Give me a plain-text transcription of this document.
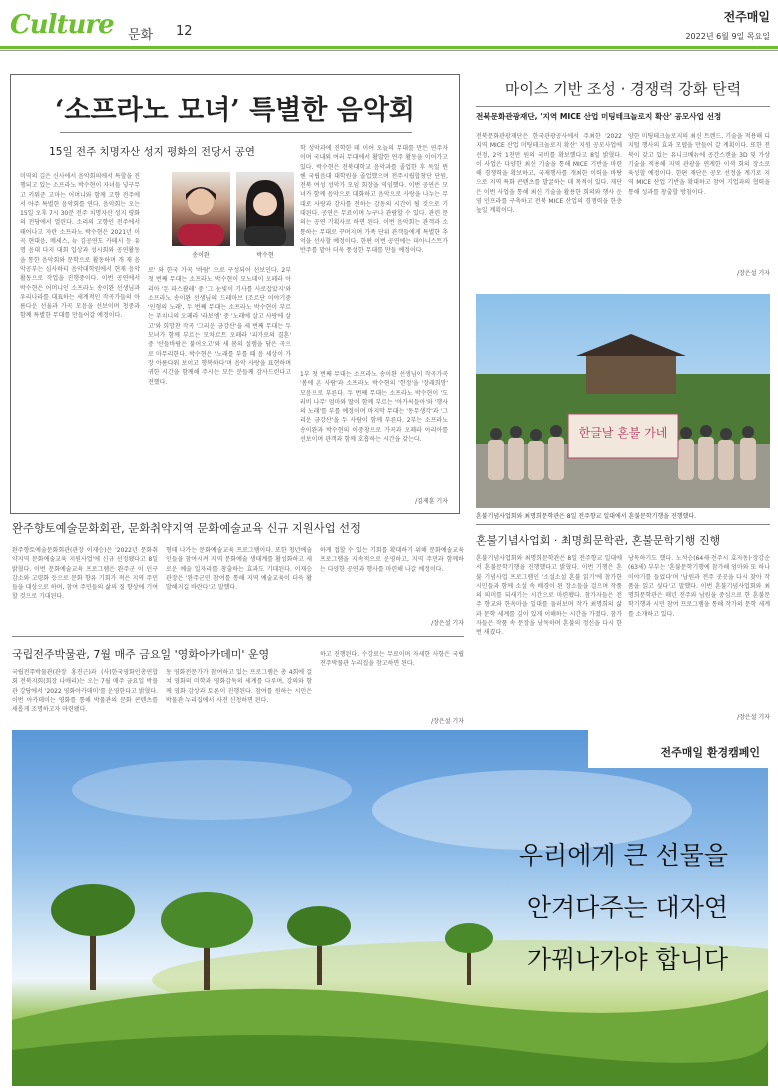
Culture 문화 12
전주매일
2022년 6월 9일 목요일
‘소프라노 모녀’ 특별한 음악회
15일 전주 치명자산 성지 평화의 전당서 공연
미역의 깊은 신사에서 음악회의에서 특할을 진행되고 있는 소프라노 박수현이 자녀들 넣구무고 키워준 고마는 어머니와 함께 고향 전주에서 아주 특별한 음악회를 연다. 음악회는 오는 15일 오후 7시 30분 전주 치명자산 성지 평화의 전당에서 열린다. 소리의 고향인 전주에서 태어나고 자란 소프라노 박수현은 2021년 이곡 현대음, 메세스, 뉴 김공연도 카테시 등 유명 음대 다지 대회 입상과 성시회와 공연활동을 통한 음악회와 문학으로 활동하며 개 재 음악공부는 심사하티 음악대학원에서 현재 음악활동으로 작업을 진행중이다. 이번 공연에서 박수현은 어머니인 소프라노 송이완 선생님과 우리나라를 대표하는 세계적인 작곡가들의 아름다운 선율과 가곡 모음을 선보이며 청중과 함께 특별한 무대를 만들어갈 예정이다.
송이완	박수현
로' 와 한국 가곡 '바람' 으로 구성되어 선보인다. 2부 첫 번째 무대는 소프라노 박수현이 모노데이 오페라 아리아 '돈 파스콸레' 중 '그 눈빛이 기사를 사로잡았지'와 소프라노 송이완 선생님의 드레마브 (조르단 이야기중 '인형의 노래', 두 번째 무대는 소프라노 박수현이 부르는 푸치니의 오페라 '라보엠' 중 '노래에 살고 사랑에 살고'와 희망찬 작곡 '그리운 금강산'을 세 번째 무대는 두 모녀가 함께 부르는 모차르트 오페라 '피가로의 결혼' 중 '산들바람은 불어오고'와 새 봄의 설렘을 담은 곡으로 마무리한다. 박수현은 '노래를 부를 때 음 세상이 가장 아름다워 보이고 행복하다'며 음악 사랑을 표현하며 귀한 시간을 함께해 주시는 모든 분들께 감사드린다고 전했다.
학 성악과에 진학한 데 이어 오늘의 무대를 만든 연주자이며 국내외 여러 무대에서 활발한 연주 활동을 이어가고 있다. 박수현은 전북대학교 음악과를 졸업한 후 독일 뮌헨 국립음대 대학원을 졸업했으며 전주시립합창단 단원, 전북 여성 성악가 모임 회장을 역임했다. 이번 공연은 모녀가 함께 음악으로 대화하고 음악으로 사랑을 나누는 무대로 사랑과 감사를 전하는 감동의 시간이 될 것으로 기대된다. 공연은 무료이며 누구나 관람할 수 있다. 관련 문의는 공연 기획사로 하면 된다. 이번 음악회는 관객과 소통하는 무대로 꾸며지며 가족 단위 관객들에게 특별한 추억을 선사할 예정이다. 한편 이번 공연에는 피아니스트가 반주를 맡아 더욱 풍성한 무대를 만들 예정이다.
1부 첫 번째 무대는 소프라노 송이완 선생님이 작곡가곡 '봄에 온 사람'과 소프라노 박수현의 '헌정'을 '장래희망' 모음으로 부른다. 두 번째 무대는 소프라노 박수현이 '도러비 나무' 엄마와 딸이 함께 부르는 '아가씨들아'와 '행사의 노래'를 부를 예정이며 마지막 무대는 '동무생각'과 '그리운 금강산'을 두 사람이 함께 부른다. 2부는 소프라노 송이완과 박수현의 이중창으로 가곡과 오페라 아리아를 선보이며 관객과 함께 호흡하는 시간을 갖는다.
/김제훈 기자
마이스 기반 조성 · 경쟁력 강화 탄력
전북문화관광재단, '지역 MICE 산업 미팅테크놀로지 확산' 공모사업 선정
전북문화관광재단은 한국관광공사에서 주최한 '2022 지역 MICE 산업 미팅테크놀로지 확산' 지원 공모사업에 선정, 2억 1천만 원의 국비를 확보했다고 8일 밝혔다. 이 사업은 다양한 최신 기술을 통해 MICE 기반을 마련해 경쟁력을 확보하고, 국제행사를 개최한 이력을 바탕으로 지역 특화 콘텐츠를 발굴하는 데 목적이 있다. 재단은 이번 사업을 통해 최신 기술을 활용한 회의와 행사 운영 인프라를 구축하고 전북 MICE 산업의 경쟁력을 한층 높일 계획이다.
양한 미팅테크놀로지의 최신 트렌드, 기술을 적용해 디지털 행사의 효과 모델을 만들어 갈 계획이다. 또한 전북이 갖고 있는 유니크베뉴에 공간스캔을 3D 및 가상 기술을 적용해 지역 관광을 연계한 이색 회의 장소로 육성할 예정이다. 한편 재단은 공모 선정을 계기로 지역 MICE 산업 기반을 확대하고 참여 기업과의 협력을 통해 성과를 창출할 방침이다.
/장은설 기자
한글날 혼불 가네
혼불기념사업회와 최명희문학관은 8일 전주향교 일대에서 혼불문학기행을 진행했다.
혼불기념사업회 · 최명희문학관, 혼불문학기행 진행
혼불기념사업회와 최명희문학관은 8일 전주향교 일대에서 혼불문학기행을 진행했다고 밝혔다. 이번 기행은 혼불 기념사업 프로그램인 '소설소설 혼불 읽기'에 참가한 시민들과 함께 소설 속 배경이 된 장소들을 걸으며 작품의 의미를 되새기는 시간으로 마련됐다. 참가자들은 전주 향교와 한옥마을 일대를 둘러보며 작가 최명희의 삶과 문학 세계를 깊이 있게 이해하는 시간을 가졌다. 참가자들은 작품 속 문장을 낭독하며 혼불의 정신을 다시 한번 새겼다.
낭독하기도 했다. 노석승(64세·전주시 효자동)·장강순(63세) 부부는 '혼불문학기행에 참가해 엄마와 또 하나 이야기를 들었다'며 '남원과 전주 곳곳을 다시 찾아 작품을 읽고 싶다'고 말했다. 이번 혼불기념사업회와 최명희문학관은 매년 전주와 남원을 중심으로 한 혼불문학기행과 시민 참여 프로그램을 통해 작가의 문학 세계를 소개하고 있다.
/장은설 기자
완주향토예술문화회관, 문화취약지역 문화예술교육 신규 지원사업 선정
완주향토예술문화회관(관장 이재승)은 '2022년 문화취약지역 문화예술교육 지원사업'에 신규 선정됐다고 8일 밝혔다. 이번 문화예술교육 프로그램은 완주군 이 인구 감소와 고령화 등으로 문화 향유 기회가 적은 지역 주민들을 대상으로 하며, 참여 주민들의 삶의 질 향상에 기여할 것으로 기대된다.
형태 나가는 문화예술교육 프로그램이다. 또한 청년예술인들을 참여시켜 지역 문화예술 생태계를 활성화하고 새로운 예술 일자리를 창출하는 효과도 기대된다. 이재승 관장은 '완주군민 참여를 통해 지역 예술교육이 더욱 활발해지길 바란다'고 말했다.
하게 접할 수 있는 기회를 확대하기 위해 문화예술교육 프로그램을 지속적으로 운영하고, 지역 주민과 함께하는 다양한 공연과 행사를 마련해 나갈 예정이다.
/장은설 기자
국립전주박물관, 7월 매주 금요일 '영화아카데미' 운영
국립전주박물관(관장 홍진근)과 (사)한국영화인총연합회 전북지회(회장 나애리)는 오는 7월 매주 금요일 박물관 강당에서 '2022 영화아카데미'를 운영한다고 밝혔다. 이번 아카데미는 영화를 통해 박물관의 문화 콘텐츠를 새롭게 조명하고자 마련됐다.
동 영화전문가가 참여하고 있는 프로그램은 총 4회에 걸쳐 영화의 미학과 영화감독의 세계를 다루며, 강의와 함께 영화 감상과 토론이 진행된다. 참여를 원하는 시민은 박물관 누리집에서 사전 신청하면 된다.
하고 진행된다. 수강료는 무료이며 자세한 사항은 국립전주박물관 누리집을 참고하면 된다.
/장은설 기자
전주매일 환경캠페인
우리에게 큰 선물을
안겨다주는 대자연
가꿔나가야 합니다
